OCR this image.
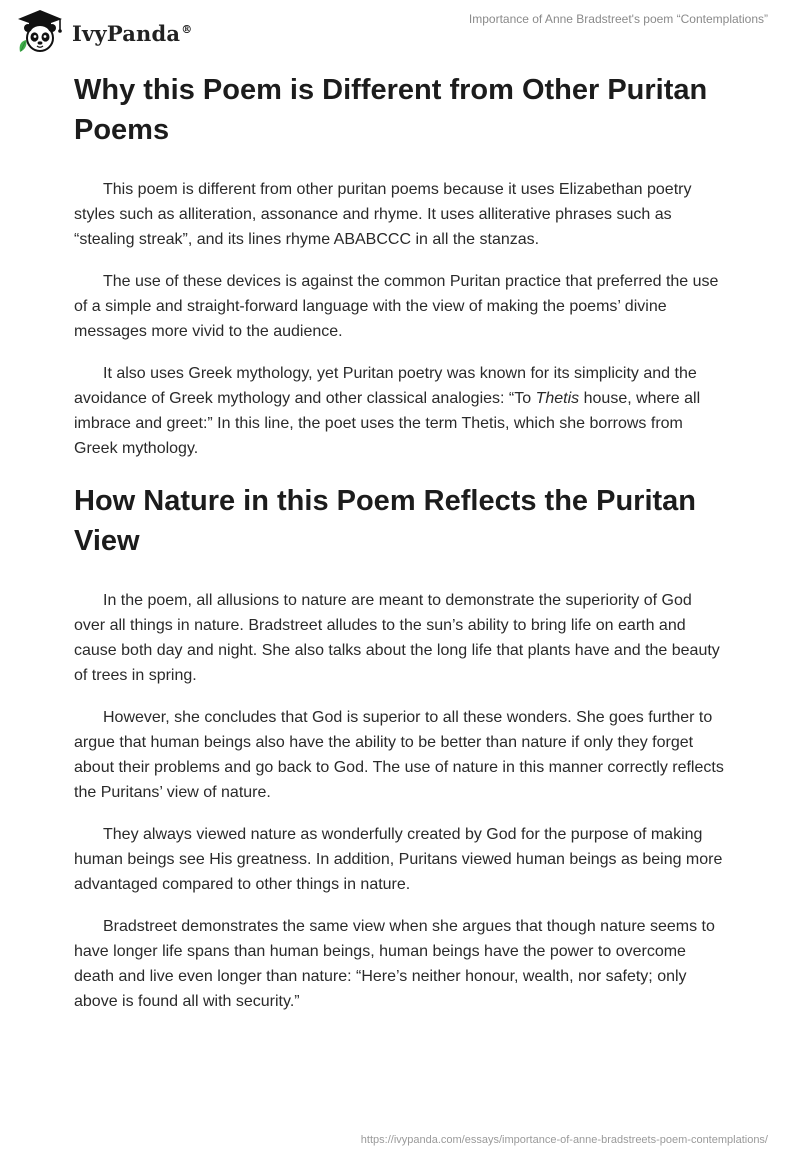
IvyPanda®
Importance of Anne Bradstreet's poem “Contemplations”
Why this Poem is Different from Other Puritan Poems

This poem is different from other puritan poems because it uses Elizabethan poetry styles such as alliteration, assonance and rhyme. It uses alliterative phrases such as “stealing streak”, and its lines rhyme ABABCCC in all the stanzas.

The use of these devices is against the common Puritan practice that preferred the use of a simple and straight-forward language with the view of making the poems’ divine messages more vivid to the audience.

It also uses Greek mythology, yet Puritan poetry was known for its simplicity and the avoidance of Greek mythology and other classical analogies: “To Thetis house, where all imbrace and greet:” In this line, the poet uses the term Thetis, which she borrows from Greek mythology.

How Nature in this Poem Reflects the Puritan View

In the poem, all allusions to nature are meant to demonstrate the superiority of God over all things in nature. Bradstreet alludes to the sun’s ability to bring life on earth and cause both day and night. She also talks about the long life that plants have and the beauty of trees in spring.

However, she concludes that God is superior to all these wonders. She goes further to argue that human beings also have the ability to be better than nature if only they forget about their problems and go back to God. The use of nature in this manner correctly reflects the Puritans’ view of nature.

They always viewed nature as wonderfully created by God for the purpose of making human beings see His greatness. In addition, Puritans viewed human beings as being more advantaged compared to other things in nature.

Bradstreet demonstrates the same view when she argues that though nature seems to have longer life spans than human beings, human beings have the power to overcome death and live even longer than nature: “Here’s neither honour, wealth, nor safety; only above is found all with security.”

https://ivypanda.com/essays/importance-of-anne-bradstreets-poem-contemplations/
